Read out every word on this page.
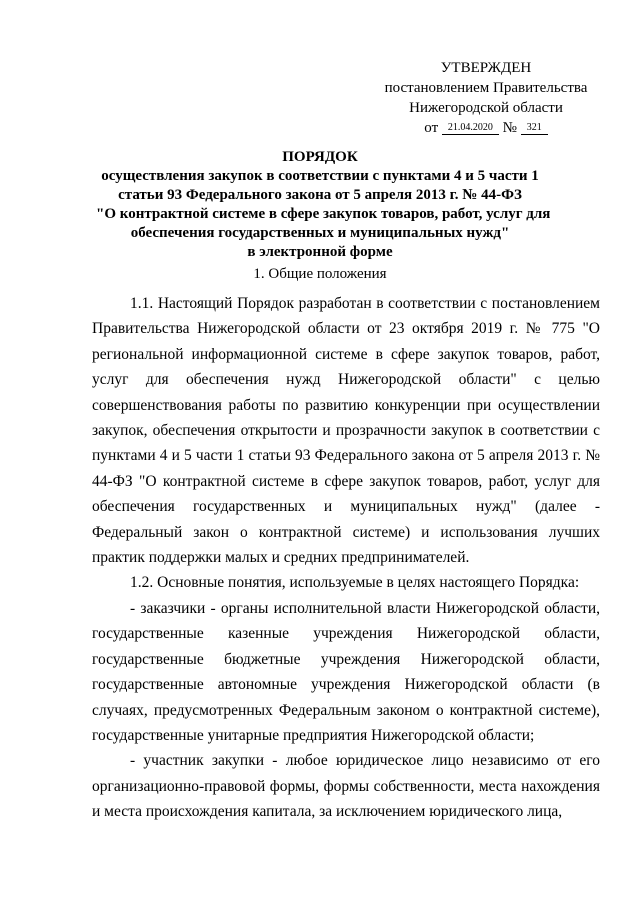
УТВЕРЖДЕН
постановлением Правительства
Нижегородской области
от 21.04.2020 № 321
ПОРЯДОК
осуществления закупок в соответствии с пунктами 4 и 5 части 1
статьи 93 Федерального закона от 5 апреля 2013 г. № 44-ФЗ
"О контрактной системе в сфере закупок товаров, работ, услуг для
обеспечения государственных и муниципальных нужд"
в электронной форме
1. Общие положения

1.1. Настоящий Порядок разработан в соответствии с постановлением Правительства Нижегородской области от 23 октября 2019 г. № 775 "О региональной информационной системе в сфере закупок товаров, работ, услуг для обеспечения нужд Нижегородской области" с целью совершенствования работы по развитию конкуренции при осуществлении закупок, обеспечения открытости и прозрачности закупок в соответствии с пунктами 4 и 5 части 1 статьи 93 Федерального закона от 5 апреля 2013 г. № 44-ФЗ "О контрактной системе в сфере закупок товаров, работ, услуг для обеспечения государственных и муниципальных нужд" (далее - Федеральный закон о контрактной системе) и использования лучших практик поддержки малых и средних предпринимателей.

1.2. Основные понятия, используемые в целях настоящего Порядка:

- заказчики - органы исполнительной власти Нижегородской области, государственные казенные учреждения Нижегородской области, государственные бюджетные учреждения Нижегородской области, государственные автономные учреждения Нижегородской области (в случаях, предусмотренных Федеральным законом о контрактной системе), государственные унитарные предприятия Нижегородской области;

- участник закупки - любое юридическое лицо независимо от его организационно-правовой формы, формы собственности, места нахождения и места происхождения капитала, за исключением юридического лица,
